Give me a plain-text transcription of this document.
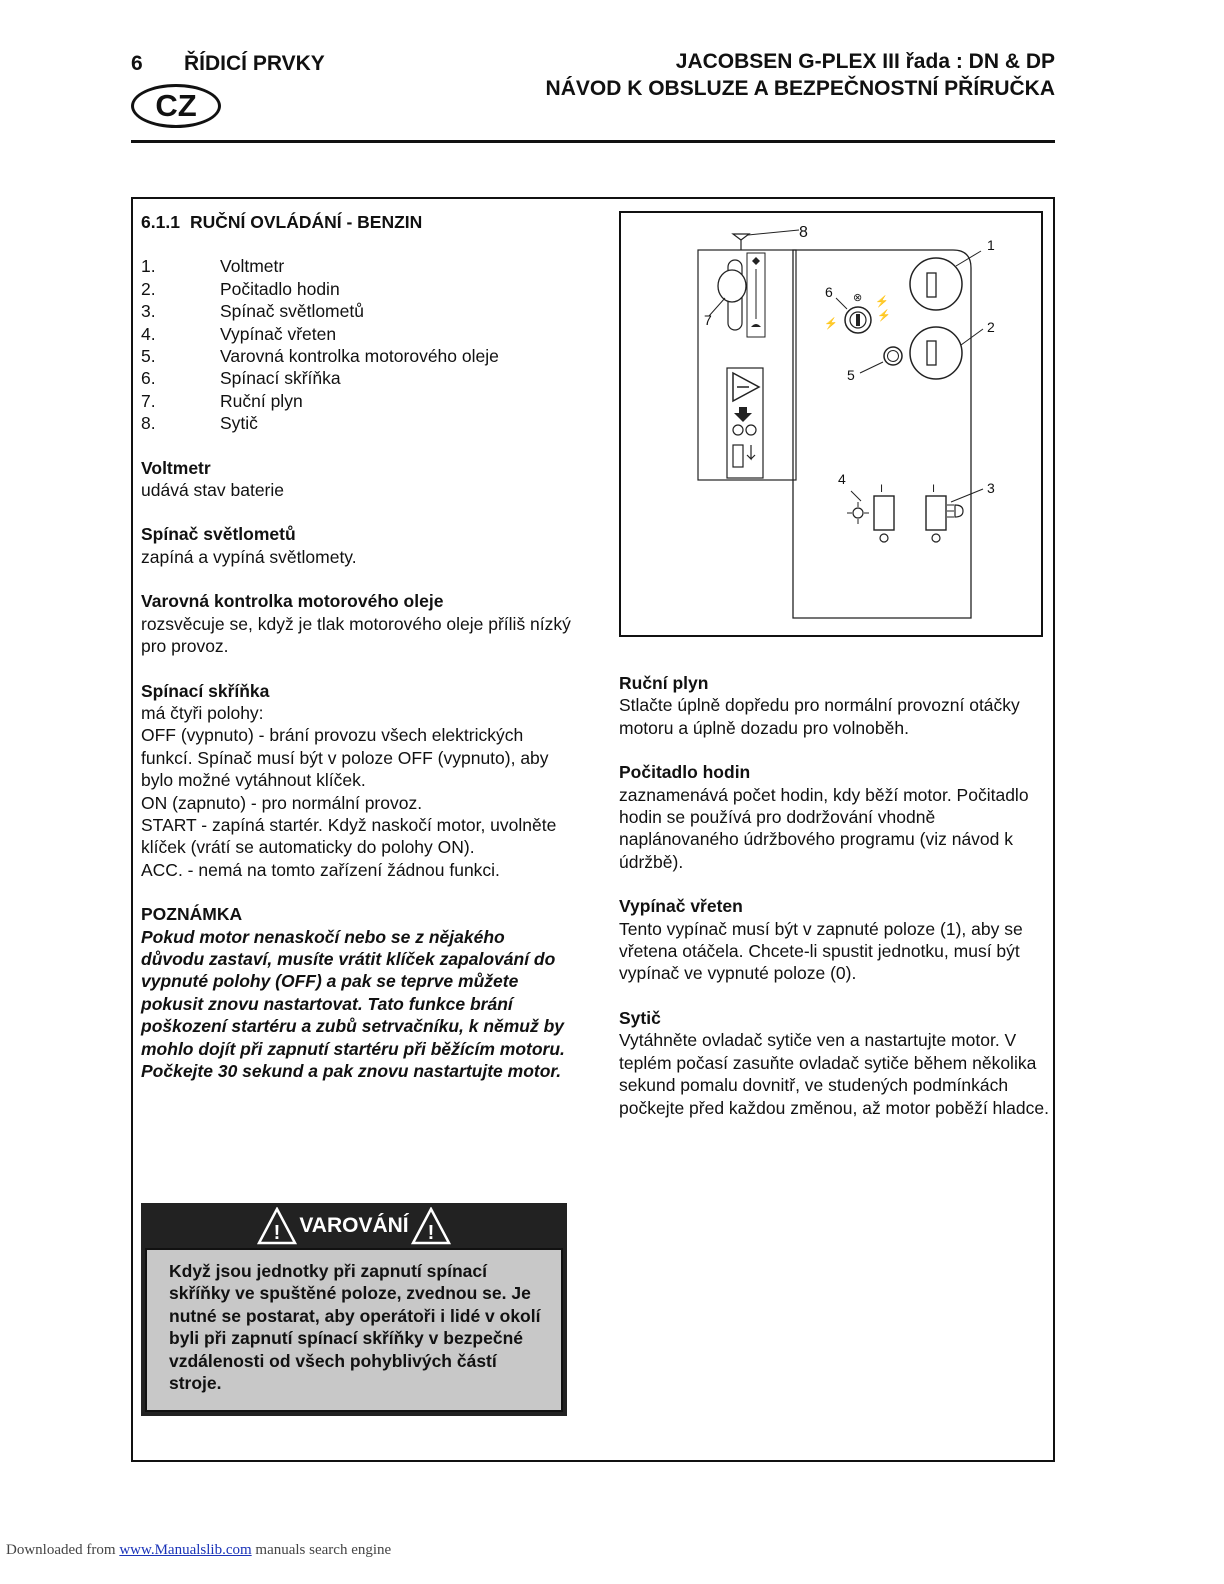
6 ŘÍDICÍ PRVKY
CZ
JACOBSEN G-PLEX III řada : DN & DP
NÁVOD K OBSLUZE A BEZPEČNOSTNÍ PŘÍRUČKA
6.1.1 RUČNÍ OVLÁDÁNÍ - BENZIN
1.	Voltmetr
2.	Počitadlo hodin
3.	Spínač světlometů
4.	Vypínač vřeten
5.	Varovná kontrolka motorového oleje
6.	Spínací skříňka
7.	Ruční plyn
8.	Sytič

Voltmetr
udává stav baterie

Spínač světlometů
zapíná a vypíná světlomety.

Varovná kontrolka motorového oleje
rozsvěcuje se, když je tlak motorového oleje příliš nízký pro provoz.

Spínací skříňka
má čtyři polohy:
OFF (vypnuto) - brání provozu všech elektrických funkcí. Spínač musí být v poloze OFF (vypnuto), aby bylo možné vytáhnout klíček.
ON (zapnuto) - pro normální provoz.
START - zapíná startér. Když naskočí motor, uvolněte klíček (vrátí se automaticky do polohy ON).
ACC. - nemá na tomto zařízení žádnou funkci.

POZNÁMKA
Pokud motor nenaskočí nebo se z nějakého důvodu zastaví, musíte vrátit klíček zapalování do vypnuté polohy (OFF) a pak se teprve můžete pokusit znovu nastartovat. Tato funkce brání poškození startéru a zubů setrvačníku, k němuž by mohlo dojít při zapnutí startéru při běžícím motoru. Počkejte 30 sekund a pak znovu nastartujte motor.

! VAROVÁNÍ !
Když jsou jednotky při zapnutí spínací skříňky ve spuštěné poloze, zvednou se. Je nutné se postarat, aby operátoři i lidé v okolí byli při zapnutí spínací skříňky v bezpečné vzdálenosti od všech pohyblivých částí stroje.
⊗
⚡
⚡
⚡
I	I
1
2
3
4
5
6
7
8

Ruční plyn
Stlačte úplně dopředu pro normální provozní otáčky motoru a úplně dozadu pro volnoběh.

Počitadlo hodin
zaznamenává počet hodin, kdy běží motor. Počitadlo hodin se používá pro dodržování vhodně naplánovaného údržbového programu (viz návod k údržbě).

Vypínač vřeten
Tento vypínač musí být v zapnuté poloze (1), aby se vřetena otáčela. Chcete-li spustit jednotku, musí být vypínač ve vypnuté poloze (0).

Sytič
Vytáhněte ovladač sytiče ven a nastartujte motor. V teplém počasí zasuňte ovladač sytiče během několika sekund pomalu dovnitř, ve studených podmínkách počkejte před každou změnou, až motor poběží hladce.

Downloaded from www.Manualslib.com manuals search engine
